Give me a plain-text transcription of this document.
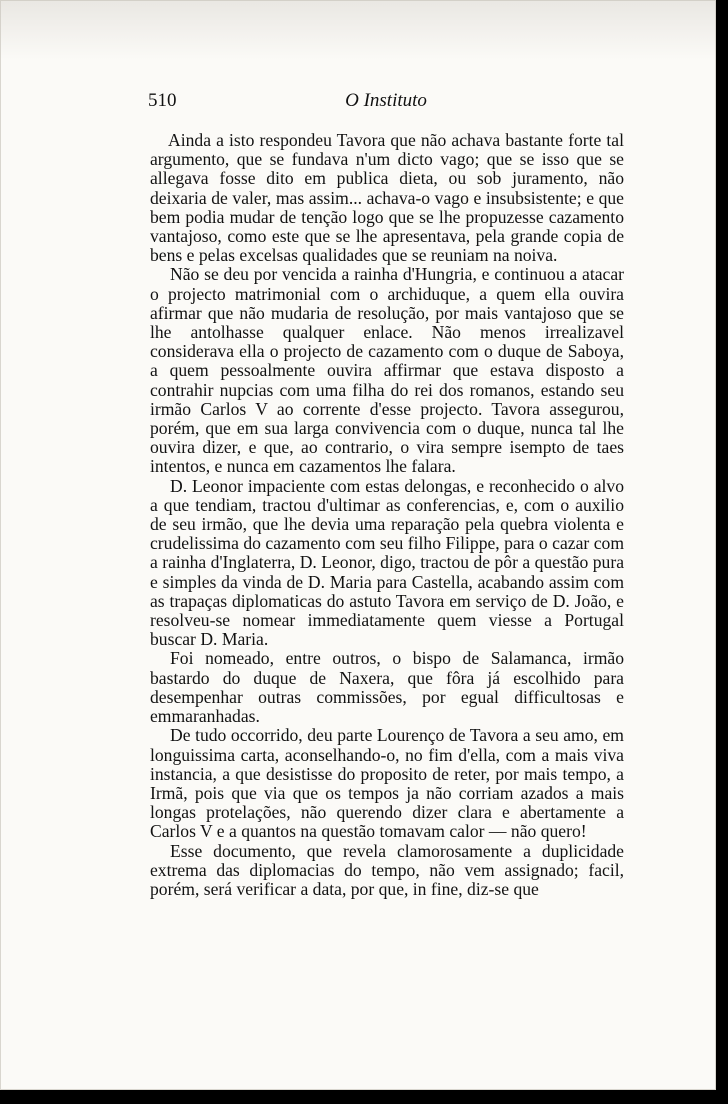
510	O Instituto

Ainda a isto respondeu Tavora que não achava bastante forte tal argumento, que se fundava n'um dicto vago; que se isso que se allegava fosse dito em publica dieta, ou sob juramento, não deixaria de valer, mas assim... achava-o vago e insubsistente; e que bem podia mudar de tenção logo que se lhe propuzesse cazamento vantajoso, como este que se lhe apresentava, pela grande copia de bens e pelas excelsas qualidades que se reuniam na noiva.

Não se deu por vencida a rainha d'Hungria, e continuou a atacar o projecto matrimonial com o archiduque, a quem ella ouvira afirmar que não mudaria de resolução, por mais vantajoso que se lhe antolhasse qualquer enlace. Não menos irrealizavel considerava ella o projecto de cazamento com o duque de Saboya, a quem pessoalmente ouvira affirmar que estava disposto a contrahir nupcias com uma filha do rei dos romanos, estando seu irmão Carlos V ao corrente d'esse projecto. Tavora assegurou, porém, que em sua larga convivencia com o duque, nunca tal lhe ouvira dizer, e que, ao contrario, o vira sempre isempto de taes intentos, e nunca em cazamentos lhe falara.

D. Leonor impaciente com estas delongas, e reconhecido o alvo a que tendiam, tractou d'ultimar as conferencias, e, com o auxilio de seu irmão, que lhe devia uma reparação pela quebra violenta e crudelissima do cazamento com seu filho Filippe, para o cazar com a rainha d'Inglaterra, D. Leonor, digo, tractou de pôr a questão pura e simples da vinda de D. Maria para Castella, acabando assim com as trapaças diplomaticas do astuto Tavora em serviço de D. João, e resolveu-se nomear immediatamente quem viesse a Portugal buscar D. Maria.

Foi nomeado, entre outros, o bispo de Salamanca, irmão bastardo do duque de Naxera, que fôra já escolhido para desempenhar outras commissões, por egual difficultosas e emmaranhadas.

De tudo occorrido, deu parte Lourenço de Tavora a seu amo, em longuissima carta, aconselhando-o, no fim d'ella, com a mais viva instancia, a que desistisse do proposito de reter, por mais tempo, a Irmã, pois que via que os tempos ja não corriam azados a mais longas protelações, não querendo dizer clara e abertamente a Carlos V e a quantos na questão tomavam calor — não quero!

Esse documento, que revela clamorosamente a duplicidade extrema das diplomacias do tempo, não vem assignado; facil, porém, será verificar a data, por que, in fine, diz-se que
